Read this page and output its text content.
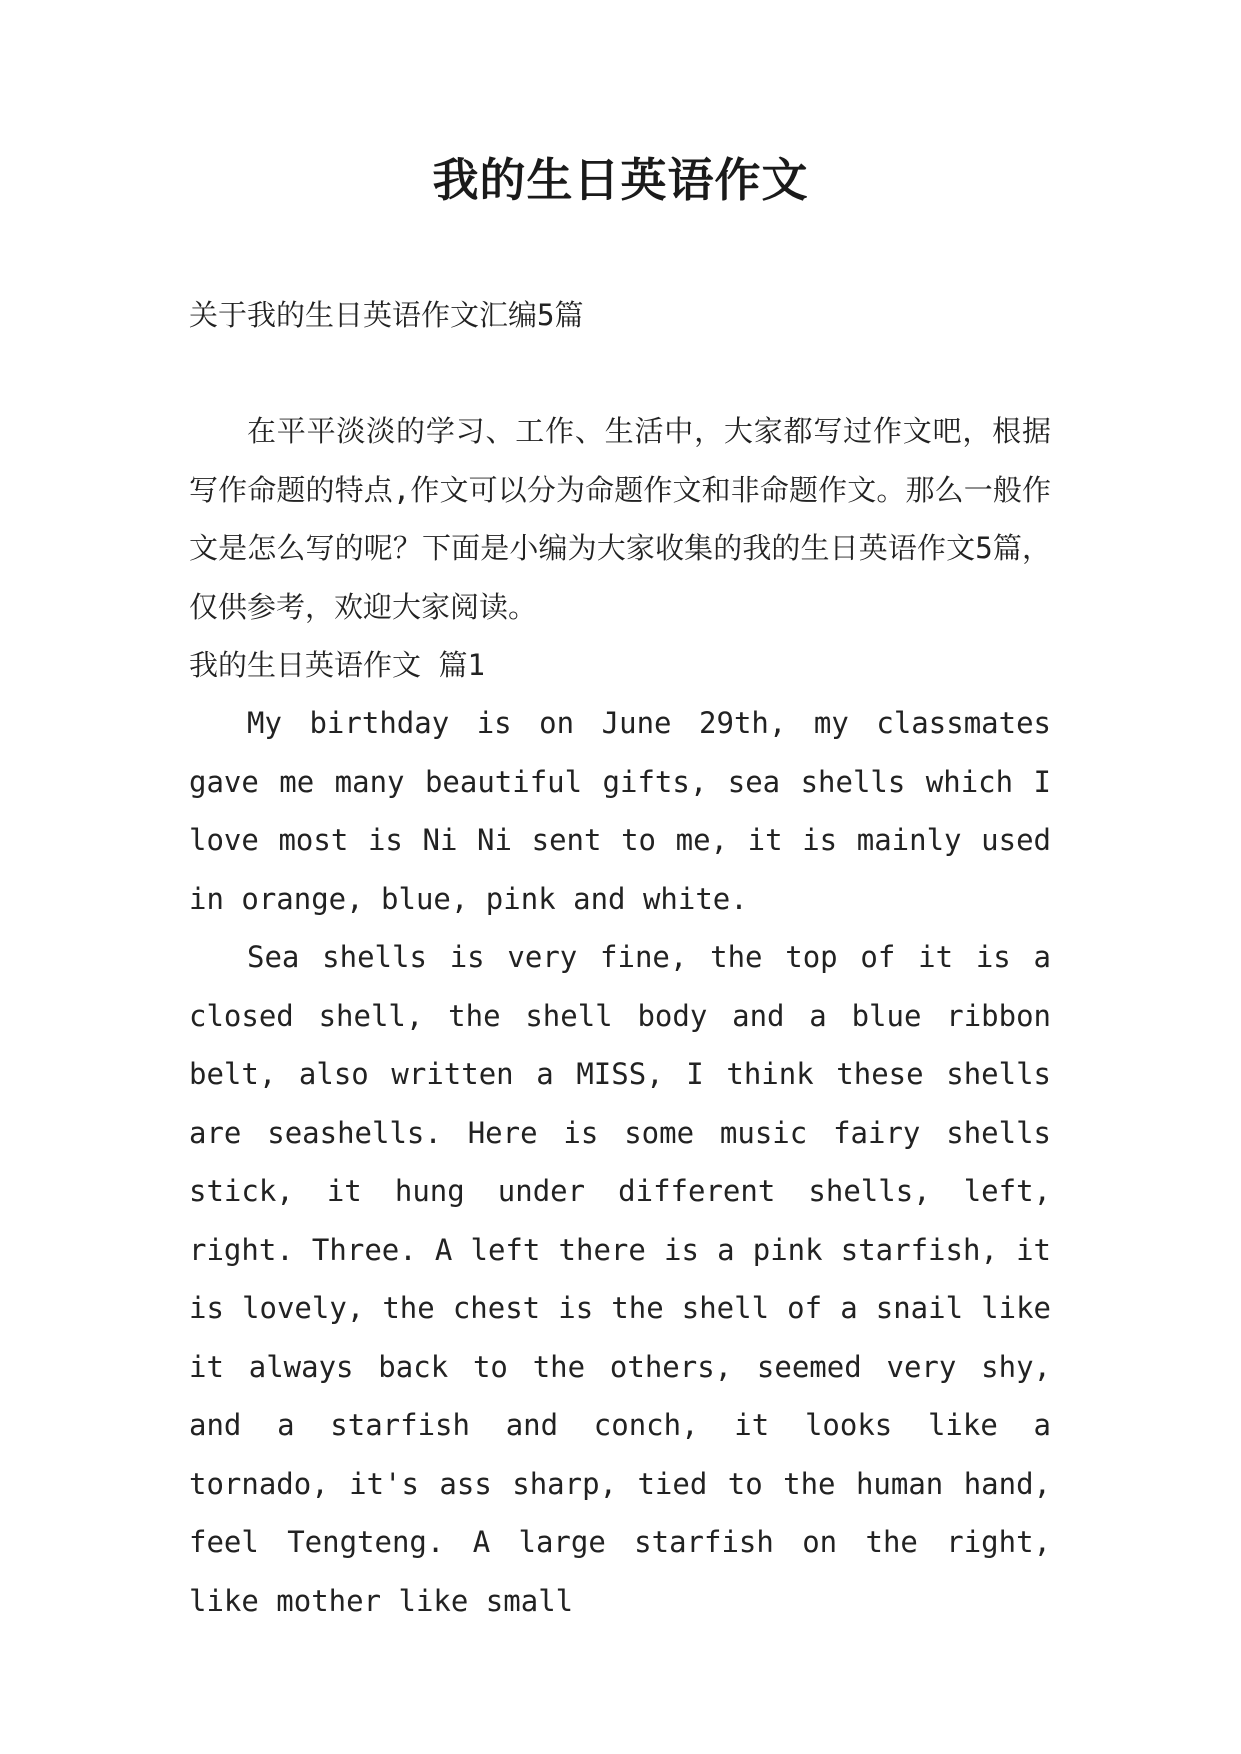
我的生日英语作文
关于我的生日英语作文汇编5篇
在平平淡淡的学习、工作、生活中，大家都写过作文吧，根据写作命题的特点,作文可以分为命题作文和非命题作文。那么一般作文是怎么写的呢？下面是小编为大家收集的我的生日英语作文5篇，仅供参考，欢迎大家阅读。
我的生日英语作文 篇1

My birthday is on June 29th, my classmates gave me many beautiful gifts, sea shells which I love most is Ni Ni sent to me, it is mainly used in orange, blue, pink and white.

Sea shells is very fine, the top of it is a closed shell, the shell body and a blue ribbon belt, also written a MISS, I think these shells are seashells. Here is some music fairy shells stick, it hung under different shells, left, right. Three. A left there is a pink starfish, it is lovely, the chest is the shell of a snail like it always back to the others, seemed very shy, and a starfish and conch, it looks like a tornado, it's ass sharp, tied to the human hand, feel Tengteng. A large starfish on the right, like mother like small
